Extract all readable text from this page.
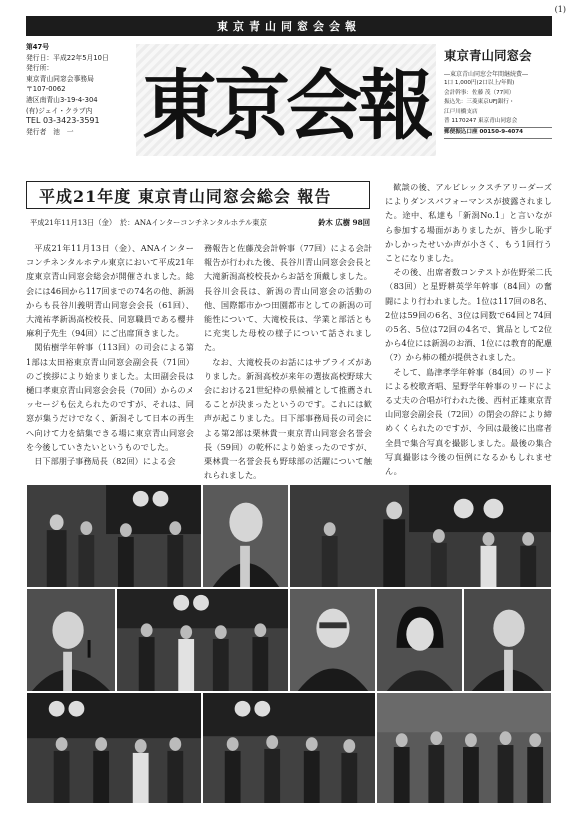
(1)
東京青山同窓会会報
第47号
発行日：平成22年5月10日
発行所：
東京青山同窓会事務局
〒107-0062
港区南青山3-19-4-304
(有)ジェイ・クラブ内
TEL 03-3423-3591
発行者　池　一 東京会報
東京青山同窓会
―東京青山同窓会年間継続費―
1口 1,000円(2口以上/年間)
会計幹事：佐藤 茂（77回）
振込先：三菱東京UFJ銀行・
江戸川橋支店
普 1170247 東京青山同窓会
郵便振込口座 00150-9-4074
平成21年度 東京青山同窓会総会 報告
平成21年11月13日（金）　於：ANAインターコンチネンタルホテル東京	鈴木 広樹 98回

平成21年11月13日（金）、ANAインターコンチネンタルホテル東京において平成21年度東京青山同窓会総会が開催されました。総会には46回から117回までの74名の他、新潟からも長谷川義明青山同窓会会長（61回）、大滝祐孝新潟高校校長、同窓職員である櫻井麻利子先生（94回）にご出席頂きました。

関佑樹学年幹事（113回）の司会による第1部は太田裕東京青山同窓会副会長（71回）のご挨拶により始まりました。太田副会長は樋口孝東京青山同窓会会長（70回）からのメッセージも伝えられたのですが、それは、同窓が集うだけでなく、新潟そして日本の再生へ向けて力を結集できる場に東京青山同窓会を今後していきたいというものでした。

日下部朋子事務局長（82回）による会

務報告と佐藤茂会計幹事（77回）による会計報告が行われた後、長谷川青山同窓会会長と大滝新潟高校校長からお話を頂戴しました。長谷川会長は、新潟の青山同窓会の活動の他、国際都市かつ田園都市としての新潟の可能性について、大滝校長は、学業と部活ともに充実した母校の様子について話されました。

なお、大滝校長のお話にはサプライズがありました。新潟高校が来年の選抜高校野球大会における21世紀枠の県候補として推薦されることが決まったというのです。これには歓声が起こりました。日下部事務局長の司会による第2部は栗林貴一東京青山同窓会名誉会長（59回）の乾杯により始まったのですが、栗林貴一名誉会長も野球部の活躍について触れられました。

歓談の後、アルビレックスチアリーダーズによりダンスパフォーマンスが披露されました。途中、私達も「新潟No.1」と言いながら参加する場面がありましたが、皆少し恥ずかしかったせいか声が小さく、もう1回行うことになりました。

その後、出席者数コンテストが佐野栄二氏（83回）と星野耕英学年幹事（84回）の奮闘により行われました。1位は117回の8名、2位は59回の6名、3位は同数で64回と74回の5名、5位は72回の4名で、賞品として2位から4位には新潟のお酒、1位には教育的配慮（?）から柿の種が提供されました。

そして、島津孝学年幹事（84回）のリードによる校歌斉唱、星野学年幹事のリードによる丈夫の合唱が行われた後、西村正雄東京青山同窓会副会長（72回）の閉会の辞により締めくくられたのですが、今回は最後に出席者全員で集合写真を撮影しました。最後の集合写真撮影は今後の恒例になるかもしれません。
